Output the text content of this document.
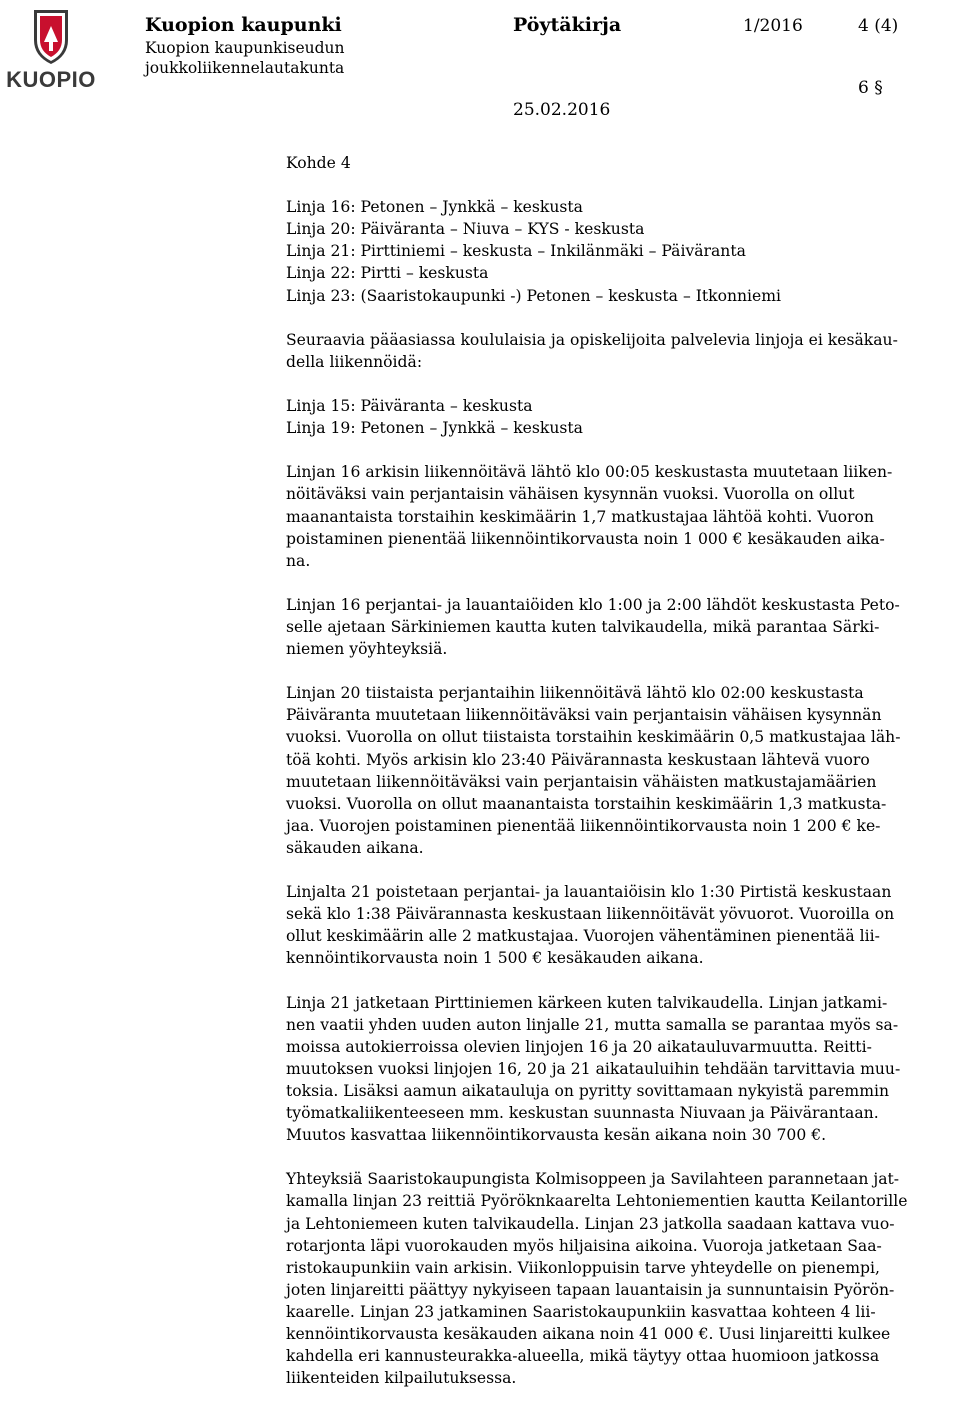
KUOPIO
Kuopion kaupunki
Kuopion kaupunkiseudun
joukkoliikennelautakunta
Pöytäkirja	1/2016	4 (4)
6 §
25.02.2016
Kohde 4

Linja 16: Petonen – Jynkkä – keskusta
Linja 20: Päiväranta – Niuva – KYS - keskusta
Linja 21: Pirttiniemi – keskusta – Inkilänmäki – Päiväranta
Linja 22: Pirtti – keskusta
Linja 23: (Saaristokaupunki -) Petonen – keskusta – Itkonniemi

Seuraavia pääasiassa koululaisia ja opiskelijoita palvelevia linjoja ei kesäkau-
della liikennöidä:

Linja 15: Päiväranta – keskusta
Linja 19: Petonen – Jynkkä – keskusta

Linjan 16 arkisin liikennöitävä lähtö klo 00:05 keskustasta muutetaan liiken-
nöitäväksi vain perjantaisin vähäisen kysynnän vuoksi. Vuorolla on ollut
maanantaista torstaihin keskimäärin 1,7 matkustajaa lähtöä kohti. Vuoron
poistaminen pienentää liikennöintikorvausta noin 1 000 € kesäkauden aika-
na.

Linjan 16 perjantai- ja lauantaiöiden klo 1:00 ja 2:00 lähdöt keskustasta Peto-
selle ajetaan Särkiniemen kautta kuten talvikaudella, mikä parantaa Särki-
niemen yöyhteyksiä.

Linjan 20 tiistaista perjantaihin liikennöitävä lähtö klo 02:00 keskustasta
Päiväranta muutetaan liikennöitäväksi vain perjantaisin vähäisen kysynnän
vuoksi. Vuorolla on ollut tiistaista torstaihin keskimäärin 0,5 matkustajaa läh-
töä kohti. Myös arkisin klo 23:40 Päivärannasta keskustaan lähtevä vuoro
muutetaan liikennöitäväksi vain perjantaisin vähäisten matkustajamäärien
vuoksi. Vuorolla on ollut maanantaista torstaihin keskimäärin 1,3 matkusta-
jaa. Vuorojen poistaminen pienentää liikennöintikorvausta noin 1 200 € ke-
säkauden aikana.

Linjalta 21 poistetaan perjantai- ja lauantaiöisin klo 1:30 Pirtistä keskustaan
sekä klo 1:38 Päivärannasta keskustaan liikennöitävät yövuorot. Vuoroilla on
ollut keskimäärin alle 2 matkustajaa. Vuorojen vähentäminen pienentää lii-
kennöintikorvausta noin 1 500 € kesäkauden aikana.

Linja 21 jatketaan Pirttiniemen kärkeen kuten talvikaudella. Linjan jatkami-
nen vaatii yhden uuden auton linjalle 21, mutta samalla se parantaa myös sa-
moissa autokierroissa olevien linjojen 16 ja 20 aikatauluvarmuutta. Reitti-
muutoksen vuoksi linjojen 16, 20 ja 21 aikatauluihin tehdään tarvittavia muu-
toksia. Lisäksi aamun aikatauluja on pyritty sovittamaan nykyistä paremmin
työmatkaliikenteeseen mm. keskustan suunnasta Niuvaan ja Päivärantaan.
Muutos kasvattaa liikennöintikorvausta kesän aikana noin 30 700 €.

Yhteyksiä Saaristokaupungista Kolmisoppeen ja Savilahteen parannetaan jat-
kamalla linjan 23 reittiä Pyöröknkaarelta Lehtoniementien kautta Keilantorille
ja Lehtoniemeen kuten talvikaudella. Linjan 23 jatkolla saadaan kattava vuo-
rotarjonta läpi vuorokauden myös hiljaisina aikoina. Vuoroja jatketaan Saa-
ristokaupunkiin vain arkisin. Viikonloppuisin tarve yhteydelle on pienempi,
joten linjareitti päättyy nykyiseen tapaan lauantaisin ja sunnuntaisin Pyörön-
kaarelle. Linjan 23 jatkaminen Saaristokaupunkiin kasvattaa kohteen 4 lii-
kennöintikorvausta kesäkauden aikana noin 41 000 €. Uusi linjareitti kulkee
kahdella eri kannusteurakka-alueella, mikä täytyy ottaa huomioon jatkossa
liikenteiden kilpailutuksessa.
